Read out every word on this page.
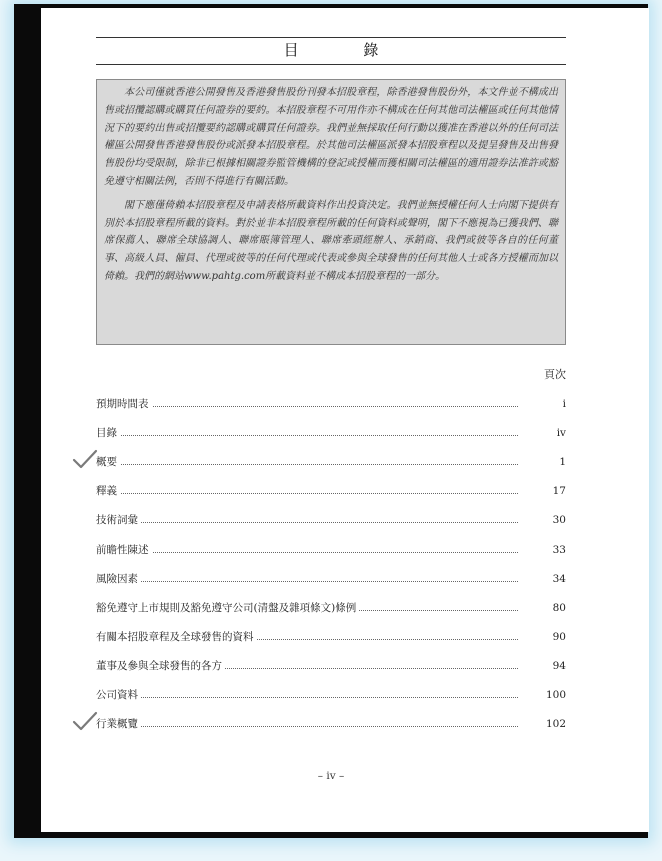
目 錄

本公司僅就香港公開發售及香港發售股份刊發本招股章程，除香港發售股份外，本文件並不構成出售或招攬認購或購買任何證券的要約。本招股章程不可用作亦不構成在任何其他司法權區或任何其他情況下的要約出售或招攬要約認購或購買任何證券。我們並無採取任何行動以獲准在香港以外的任何司法權區公開發售香港發售股份或派發本招股章程。於其他司法權區派發本招股章程以及提呈發售及出售發售股份均受限制，除非已根據相關證券監管機構的登記或授權而獲相關司法權區的適用證券法准許或豁免遵守相關法例，否則不得進行有關活動。

閣下應僅倚賴本招股章程及申請表格所載資料作出投資決定。我們並無授權任何人士向閣下提供有別於本招股章程所載的資料。對於並非本招股章程所載的任何資料或聲明，閣下不應視為已獲我們、聯席保薦人、聯席全球協調人、聯席賬簿管理人、聯席牽頭經辦人、承銷商、我們或彼等各自的任何董事、高級人員、僱員、代理或彼等的任何代理或代表或參與全球發售的任何其他人士或各方授權而加以倚賴。我們的網站www.pahtg.com所載資料並不構成本招股章程的一部分。

頁次
預期時間表	i
目錄	iv
概要	1
釋義	17
技術詞彙	30
前瞻性陳述	33
風險因素	34
豁免遵守上市規則及豁免遵守公司(清盤及雜項條文)條例	80
有關本招股章程及全球發售的資料	90
董事及參與全球發售的各方	94
公司資料	100
行業概覽	102
– iv –
